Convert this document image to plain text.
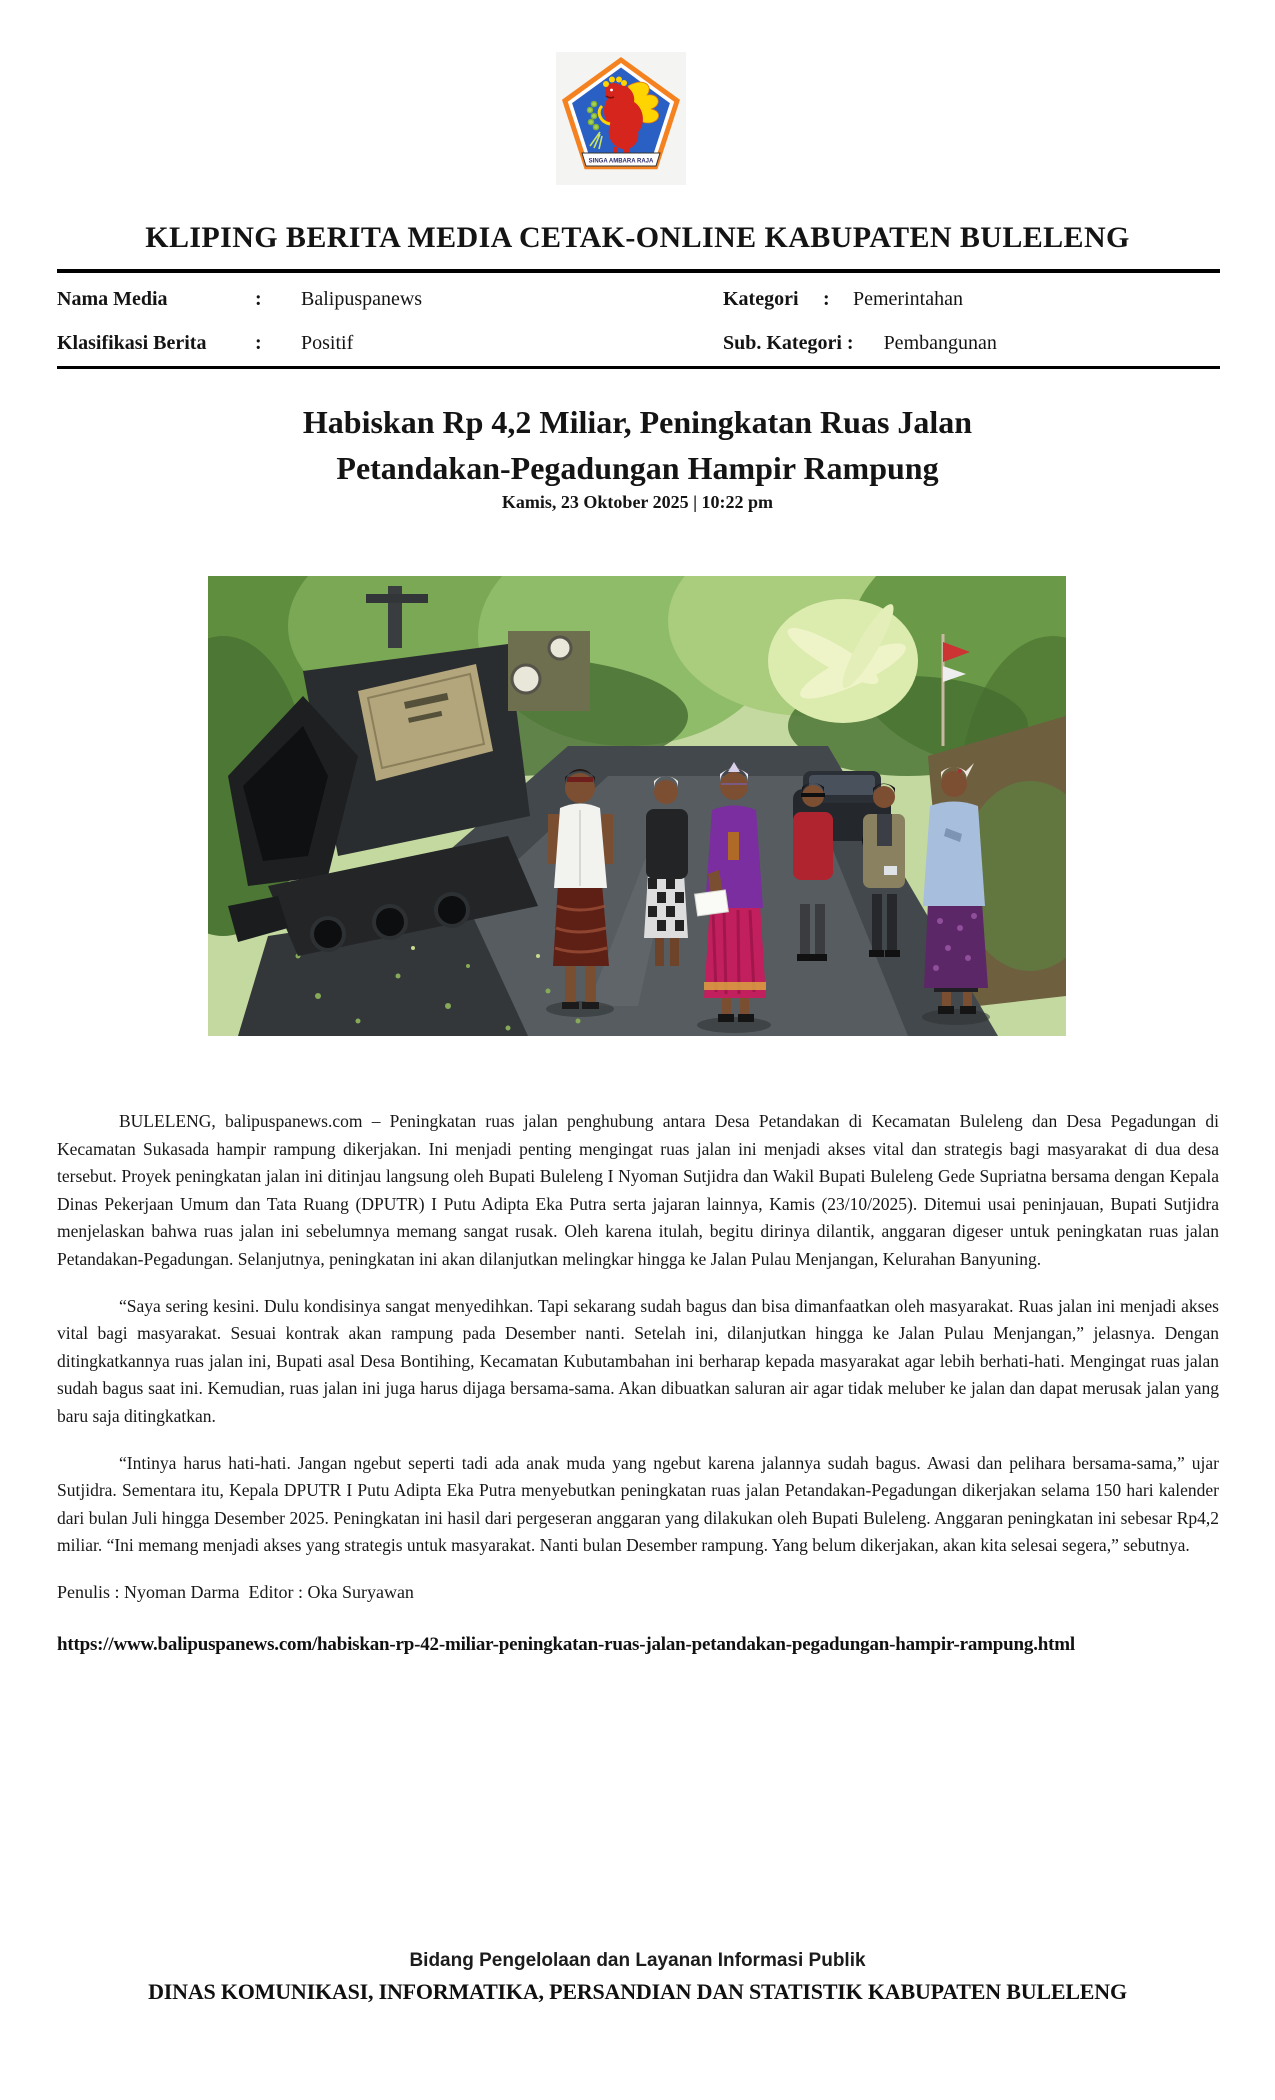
SINGA AMBARA RAJA
KLIPING BERITA MEDIA CETAK-ONLINE KABUPATEN BULELENG
Nama Media	:	Balipuspanews	Kategori	:	Pemerintahan
Klasifikasi Berita	:	Positif	Sub. Kategori :	Pembangunan
Habiskan Rp 4,2 Miliar, Peningkatan Ruas Jalan
Petandakan-Pegadungan Hampir Rampung
Kamis, 23 Oktober 2025 | 10:22 pm

BULELENG, balipuspanews.com – Peningkatan ruas jalan penghubung antara Desa Petandakan di Kecamatan Buleleng dan Desa Pegadungan di Kecamatan Sukasada hampir rampung dikerjakan. Ini menjadi penting mengingat ruas jalan ini menjadi akses vital dan strategis bagi masyarakat di dua desa tersebut. Proyek peningkatan jalan ini ditinjau langsung oleh Bupati Buleleng I Nyoman Sutjidra dan Wakil Bupati Buleleng Gede Supriatna bersama dengan Kepala Dinas Pekerjaan Umum dan Tata Ruang (DPUTR) I Putu Adipta Eka Putra serta jajaran lainnya, Kamis (23/10/2025). Ditemui usai peninjauan, Bupati Sutjidra menjelaskan bahwa ruas jalan ini sebelumnya memang sangat rusak. Oleh karena itulah, begitu dirinya dilantik, anggaran digeser untuk peningkatan ruas jalan Petandakan-Pegadungan. Selanjutnya, peningkatan ini akan dilanjutkan melingkar hingga ke Jalan Pulau Menjangan, Kelurahan Banyuning.

“Saya sering kesini. Dulu kondisinya sangat menyedihkan. Tapi sekarang sudah bagus dan bisa dimanfaatkan oleh masyarakat. Ruas jalan ini menjadi akses vital bagi masyarakat. Sesuai kontrak akan rampung pada Desember nanti. Setelah ini, dilanjutkan hingga ke Jalan Pulau Menjangan,” jelasnya. Dengan ditingkatkannya ruas jalan ini, Bupati asal Desa Bontihing, Kecamatan Kubutambahan ini berharap kepada masyarakat agar lebih berhati-hati. Mengingat ruas jalan sudah bagus saat ini. Kemudian, ruas jalan ini juga harus dijaga bersama-sama. Akan dibuatkan saluran air agar tidak meluber ke jalan dan dapat merusak jalan yang baru saja ditingkatkan.

“Intinya harus hati-hati. Jangan ngebut seperti tadi ada anak muda yang ngebut karena jalannya sudah bagus. Awasi dan pelihara bersama-sama,” ujar Sutjidra. Sementara itu, Kepala DPUTR I Putu Adipta Eka Putra menyebutkan peningkatan ruas jalan Petandakan-Pegadungan dikerjakan selama 150 hari kalender dari bulan Juli hingga Desember 2025. Peningkatan ini hasil dari pergeseran anggaran yang dilakukan oleh Bupati Buleleng. Anggaran peningkatan ini sebesar Rp4,2 miliar. “Ini memang menjadi akses yang strategis untuk masyarakat. Nanti bulan Desember rampung. Yang belum dikerjakan, akan kita selesai segera,” sebutnya.

Penulis : Nyoman Darma  Editor : Oka Suryawan
https://www.balipuspanews.com/habiskan-rp-42-miliar-peningkatan-ruas-jalan-petandakan-pegadungan-hampir-rampung.html
Bidang Pengelolaan dan Layanan Informasi Publik
DINAS KOMUNIKASI, INFORMATIKA, PERSANDIAN DAN STATISTIK KABUPATEN BULELENG
